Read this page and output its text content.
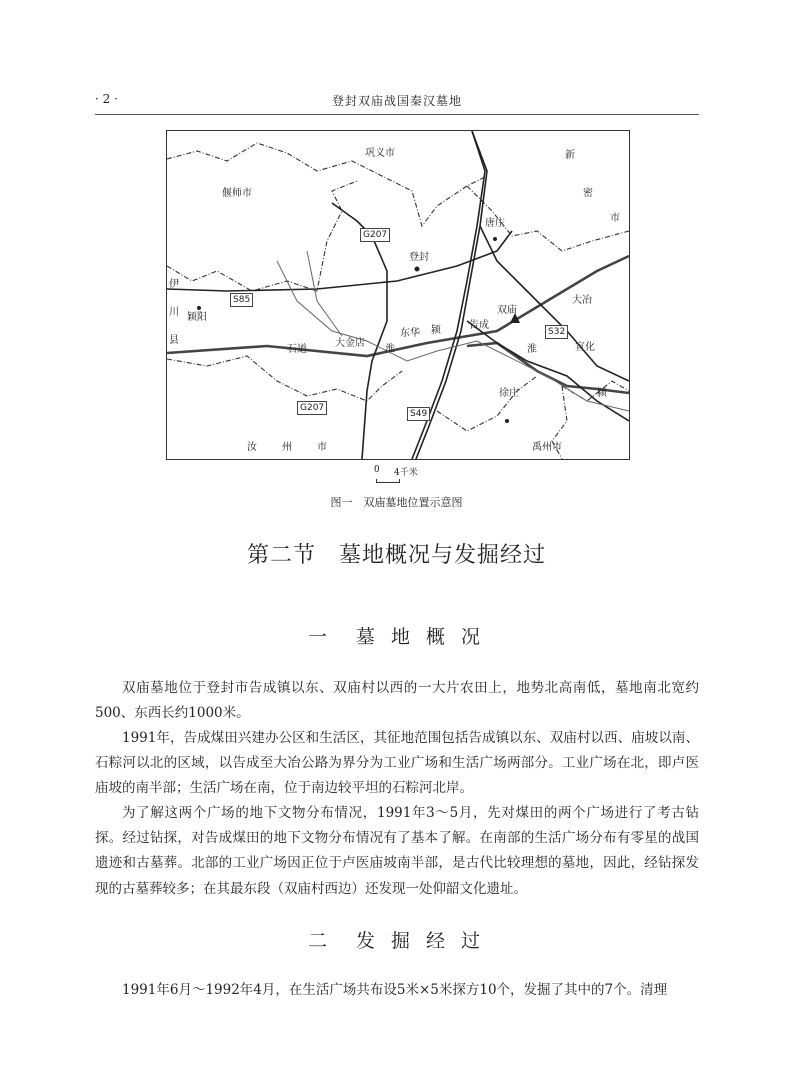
· 2 ·	登封双庙战国秦汉墓地
巩义市
偃师市
新
密
市
唐庄
登封
伊
川
县
颖阳
大金店
石道
东华 颍	告成
双庙
大冶
宣化
颍
徐庄
淮	淮
汝	州	市	禹州市
G207
S85
S32
G207
S49
0 4千米
图一　双庙墓地位置示意图
第二节　墓地概况与发掘经过
一　墓 地 概 况

双庙墓地位于登封市告成镇以东、双庙村以西的一大片农田上，地势北高南低，墓地南北宽约500、东西长约1000米。

1991年，告成煤田兴建办公区和生活区，其征地范围包括告成镇以东、双庙村以西、庙坡以南、石粽河以北的区域，以告成至大冶公路为界分为工业广场和生活广场两部分。工业广场在北，即卢医庙坡的南半部；生活广场在南，位于南边较平坦的石粽河北岸。

为了解这两个广场的地下文物分布情况，1991年3～5月，先对煤田的两个广场进行了考古钻探。经过钻探，对告成煤田的地下文物分布情况有了基本了解。在南部的生活广场分布有零星的战国遗迹和古墓葬。北部的工业广场因正位于卢医庙坡南半部，是古代比较理想的墓地，因此，经钻探发现的古墓葬较多；在其最东段（双庙村西边）还发现一处仰韶文化遗址。

二　发 掘 经 过

1991年6月～1992年4月，在生活广场共布设5米×5米探方10个，发掘了其中的7个。清理
